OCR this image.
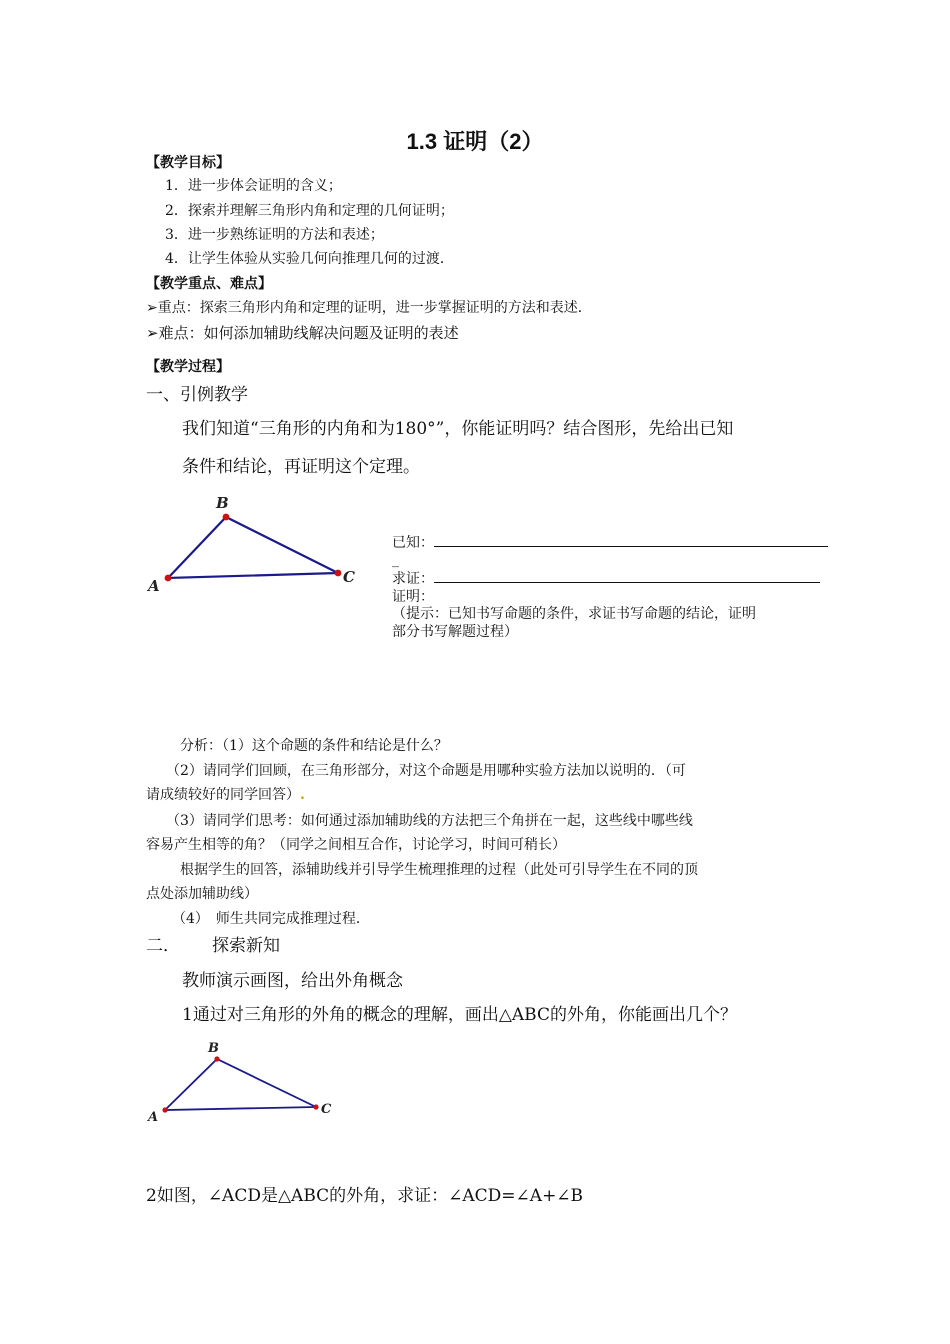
1.3 证明（2）
【教学目标】
1．进一步体会证明的含义；
2．探索并理解三角形内角和定理的几何证明；
3．进一步熟练证明的方法和表述；
4．让学生体验从实验几何向推理几何的过渡．
【教学重点、难点】
➢重点：探索三角形内角和定理的证明，进一步掌握证明的方法和表述．
➢难点：如何添加辅助线解决问题及证明的表述
【教学过程】
一、引例教学
我们知道“三角形的内角和为180°”，你能证明吗？结合图形，先给出已知
条件和结论，再证明这个定理。
A
B
C
已知：
_
求证：
证明：
（提示：已知书写命题的条件，求证书写命题的结论，证明
部分书写解题过程）
分析：（1）这个命题的条件和结论是什么？
（2）请同学们回顾，在三角形部分，对这个命题是用哪种实验方法加以说明的．（可
请成绩较好的同学回答）.
（3）请同学们思考：如何通过添加辅助线的方法把三个角拼在一起，这些线中哪些线
容易产生相等的角？（同学之间相互合作，讨论学习，时间可稍长）
根据学生的回答，添辅助线并引导学生梳理推理的过程（此处可引导学生在不同的顶
点处添加辅助线）
（4）　师生共同完成推理过程．
二． 探索新知
教师演示画图，给出外角概念
1通过对三角形的外角的概念的理解，画出△ABC的外角，你能画出几个？
A
B
C
2如图，∠ACD是△ABC的外角，求证：∠ACD=∠A+∠B
